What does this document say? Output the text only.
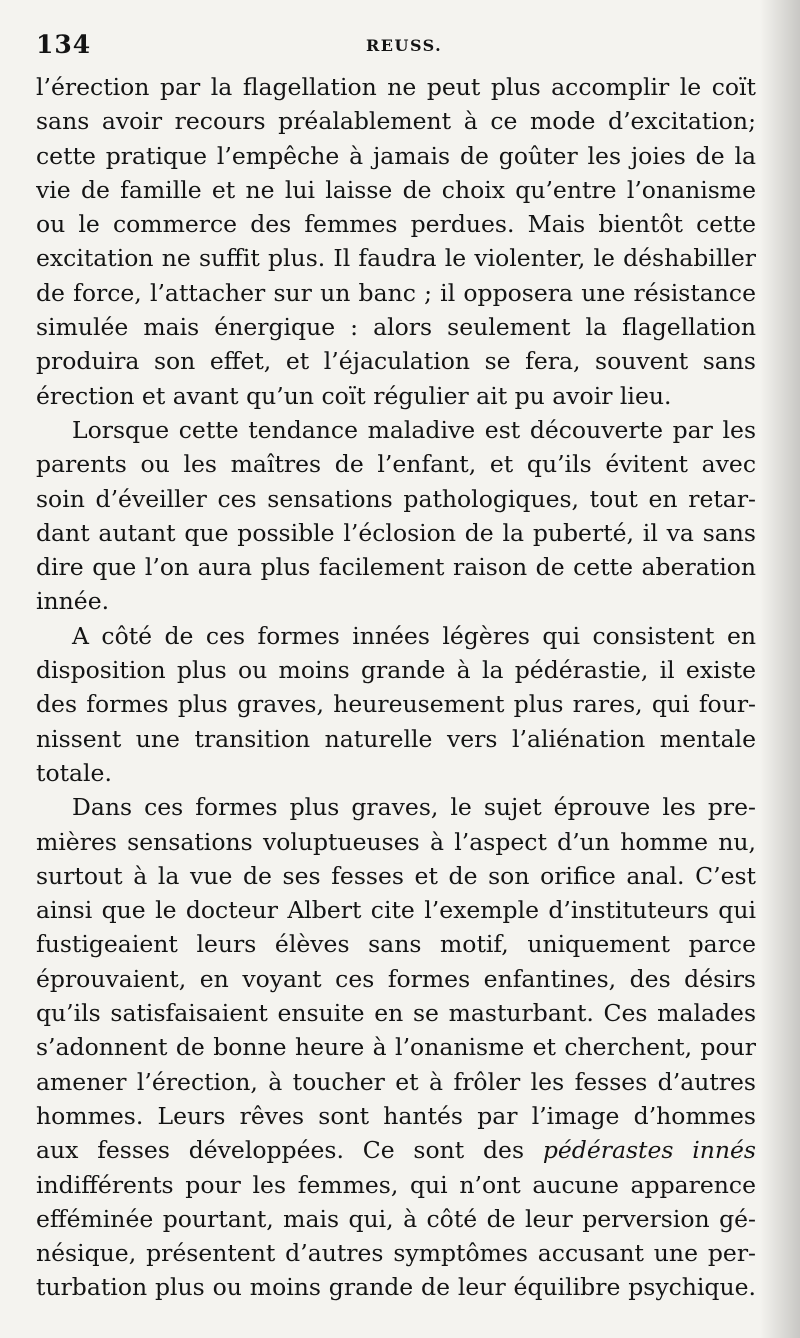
134	REUSS.
l’érection par la flagellation ne peut plus accomplir le coït
sans avoir recours préalablement à ce mode d’excitation;
cette pratique l’empêche à jamais de goûter les joies de la
vie de famille et ne lui laisse de choix qu’entre l’onanisme
ou le commerce des femmes perdues. Mais bientôt cette
excitation ne suffit plus. Il faudra le violenter, le déshabiller
de force, l’attacher sur un banc ; il opposera une résistance
simulée mais énergique : alors seulement la flagellation
produira son effet, et l’éjaculation se fera, souvent sans
érection et avant qu’un coït régulier ait pu avoir lieu.
Lorsque cette tendance maladive est découverte par les
parents ou les maîtres de l’enfant, et qu’ils évitent avec
soin d’éveiller ces sensations pathologiques, tout en retar-
dant autant que possible l’éclosion de la puberté, il va sans
dire que l’on aura plus facilement raison de cette aberation
innée.
A côté de ces formes innées légères qui consistent en
disposition plus ou moins grande à la pédérastie, il existe
des formes plus graves, heureusement plus rares, qui four-
nissent une transition naturelle vers l’aliénation mentale
totale.
Dans ces formes plus graves, le sujet éprouve les pre-
mières sensations voluptueuses à l’aspect d’un homme nu,
surtout à la vue de ses fesses et de son orifice anal. C’est
ainsi que le docteur Albert cite l’exemple d’instituteurs qui
fustigeaient leurs élèves sans motif, uniquement parce
éprouvaient, en voyant ces formes enfantines, des désirs
qu’ils satisfaisaient ensuite en se masturbant. Ces malades
s’adonnent de bonne heure à l’onanisme et cherchent, pour
amener l’érection, à toucher et à frôler les fesses d’autres
hommes. Leurs rêves sont hantés par l’image d’hommes
aux fesses développées. Ce sont des pédérastes innés
indifférents pour les femmes, qui n’ont aucune apparence
efféminée pourtant, mais qui, à côté de leur perversion gé-
nésique, présentent d’autres symptômes accusant une per-
turbation plus ou moins grande de leur équilibre psychique.
